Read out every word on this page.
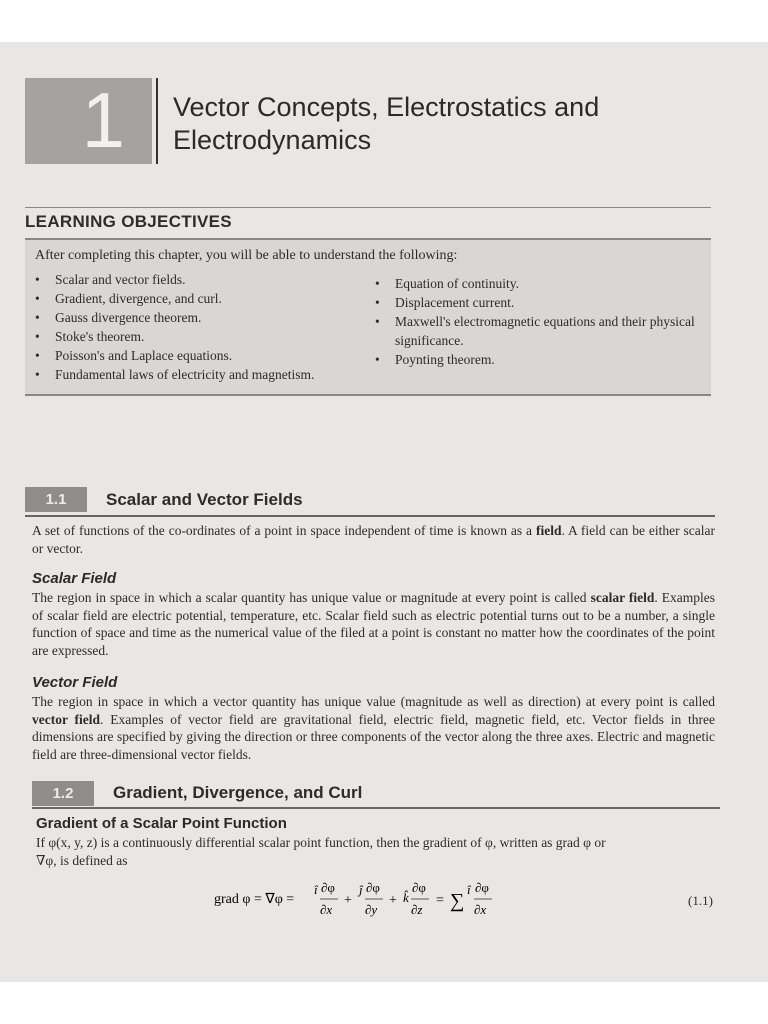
1 Vector Concepts, Electrostatics and
Electrodynamics
LEARNING OBJECTIVES
After completing this chapter, you will be able to understand the following:
• Scalar and vector fields.
• Gradient, divergence, and curl.
• Gauss divergence theorem.
• Stoke's theorem.
• Poisson's and Laplace equations.
• Fundamental laws of electricity and magnetism.
• Equation of continuity.
• Displacement current.
• Maxwell's electromagnetic equations and their physical significance.
• Poynting theorem.
1.1	Scalar and Vector Fields
A set of functions of the co-ordinates of a point in space independent of time is known as a field. A field can be either scalar or vector.
Scalar Field
The region in space in which a scalar quantity has unique value or magnitude at every point is called scalar field. Examples of scalar field are electric potential, temperature, etc. Scalar field such as electric potential turns out to be a number, a single function of space and time as the numerical value of the filed at a point is constant no matter how the coordinates of the point are expressed.
Vector Field
The region in space in which a vector quantity has unique value (magnitude as well as direction) at every point is called vector field. Examples of vector field are gravitational field, electric field, magnetic field, etc. Vector fields in three dimensions are specified by giving the direction or three components of the vector along the three axes. Electric and magnetic field are three-dimensional vector fields.
1.2	Gradient, Divergence, and Curl
Gradient of a Scalar Point Function
If φ(x, y, z) is a continuously differential scalar point function, then the gradient of φ, written as grad φ or
∇φ, is defined as
grad φ = ∇φ =
î ∂φ
∂x
+
ĵ ∂φ
∂y
+ k̂
∂φ
∂z
= ∑
î ∂φ
∂x
(1.1)
